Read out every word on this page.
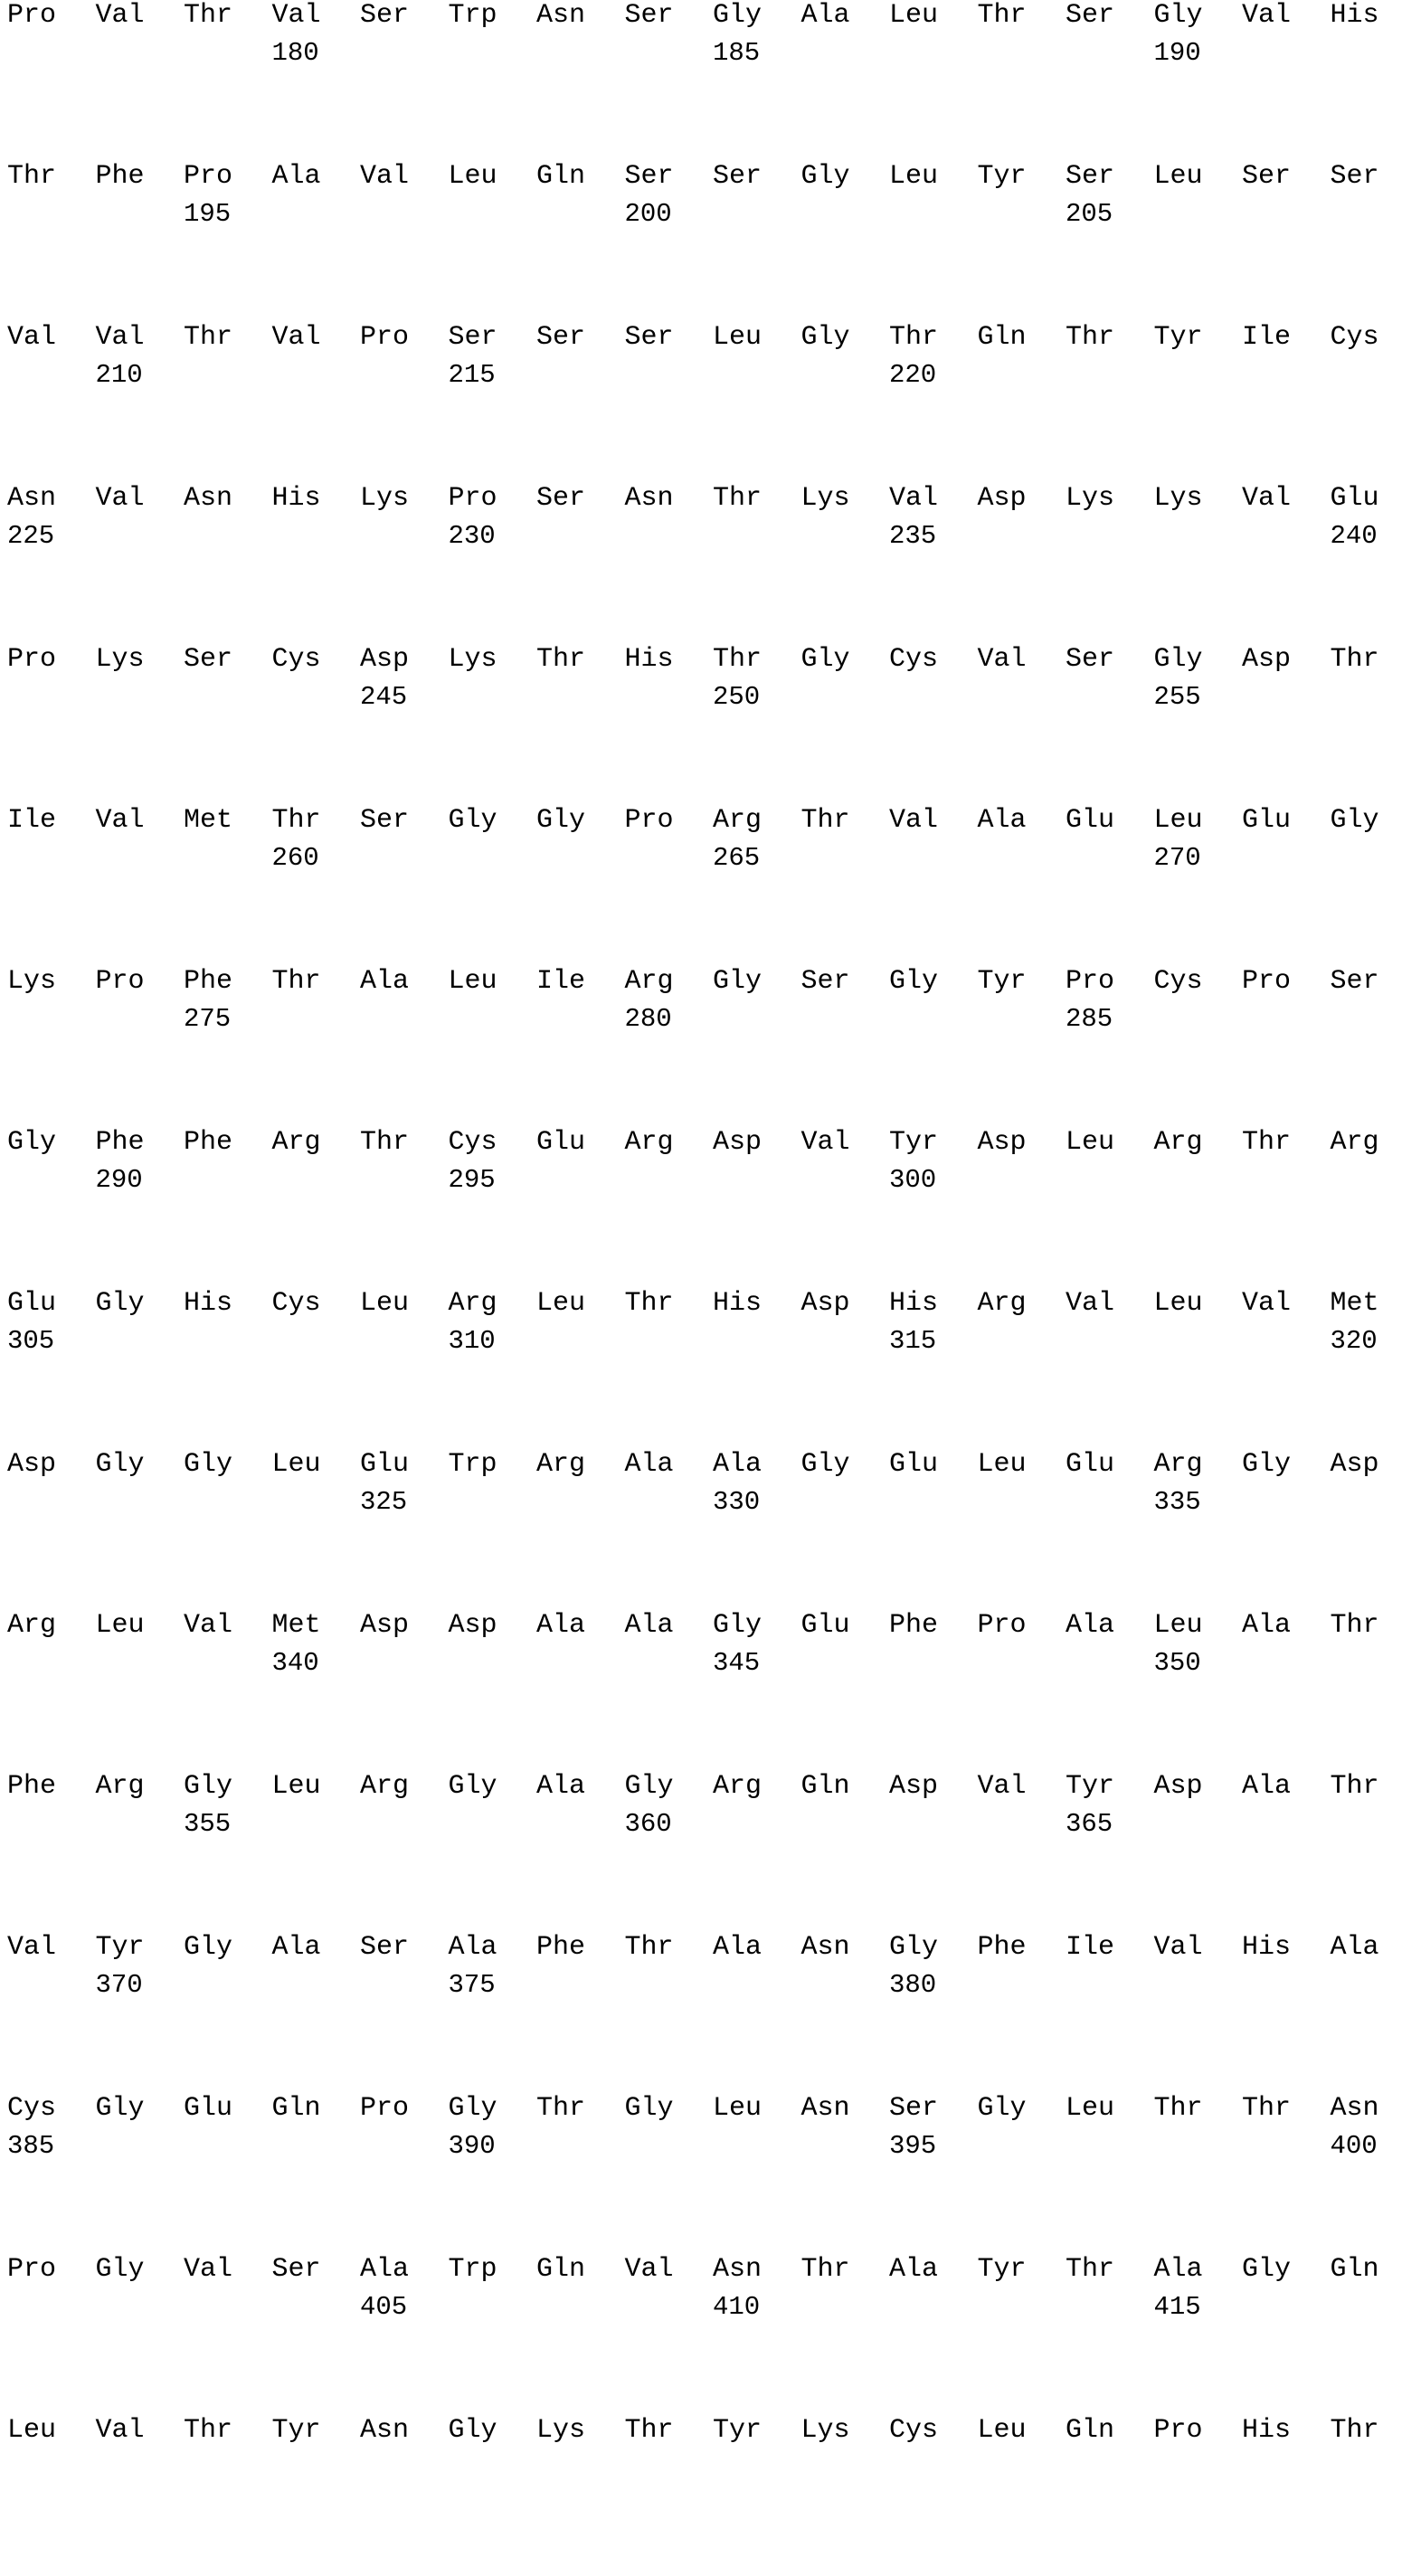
Pro Val Thr Val Ser Trp Asn Ser Gly Ala Leu Thr Ser Gly Val His
180	185	190
Thr Phe Pro Ala Val Leu Gln Ser Ser Gly Leu Tyr Ser Leu Ser Ser
195	200	205
Val Val Thr Val Pro Ser Ser Ser Leu Gly Thr Gln Thr Tyr Ile Cys
210	215	220
Asn Val Asn His Lys Pro Ser Asn Thr Lys Val Asp Lys Lys Val Glu
225	230	235	240
Pro Lys Ser Cys Asp Lys Thr His Thr Gly Cys Val Ser Gly Asp Thr
245	250	255
Ile Val Met Thr Ser Gly Gly Pro Arg Thr Val Ala Glu Leu Glu Gly
260	265	270
Lys Pro Phe Thr Ala Leu Ile Arg Gly Ser Gly Tyr Pro Cys Pro Ser
275	280	285
Gly Phe Phe Arg Thr Cys Glu Arg Asp Val Tyr Asp Leu Arg Thr Arg
290	295	300
Glu Gly His Cys Leu Arg Leu Thr His Asp His Arg Val Leu Val Met
305	310	315	320
Asp Gly Gly Leu Glu Trp Arg Ala Ala Gly Glu Leu Glu Arg Gly Asp
325	330	335
Arg Leu Val Met Asp Asp Ala Ala Gly Glu Phe Pro Ala Leu Ala Thr
340	345	350
Phe Arg Gly Leu Arg Gly Ala Gly Arg Gln Asp Val Tyr Asp Ala Thr
355	360	365
Val Tyr Gly Ala Ser Ala Phe Thr Ala Asn Gly Phe Ile Val His Ala
370	375	380
Cys Gly Glu Gln Pro Gly Thr Gly Leu Asn Ser Gly Leu Thr Thr Asn
385	390	395	400
Pro Gly Val Ser Ala Trp Gln Val Asn Thr Ala Tyr Thr Ala Gly Gln
405	410	415
Leu Val Thr Tyr Asn Gly Lys Thr Tyr Lys Cys Leu Gln Pro His Thr
